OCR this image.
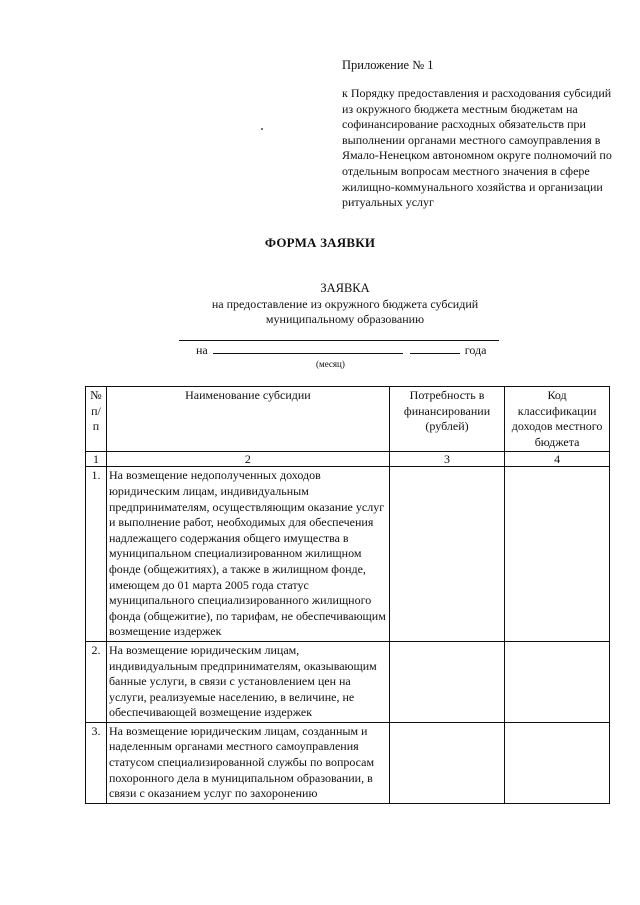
Приложение № 1
к Порядку предоставления и расходования субсидий из окружного бюджета местным бюджетам на софинансирование расходных обязательств при выполнении органами местного самоуправления в Ямало-Ненецком автономном округе полномочий по отдельным вопросам местного значения в сфере жилищно-коммунального хозяйства и организации ритуальных услуг
ФОРМА ЗАЯВКИ
ЗАЯВКА
на предоставление из окружного бюджета субсидий
муниципальному образованию
на	года
(месяц)
№ п/п	Наименование субсидии	Потребность в финансировании (рублей)	Код классификации доходов местного бюджета
1	2	3	4
1.	На возмещение недополученных доходов юридическим лицам, индивидуальным предпринимателям, осуществляющим оказание услуг и выполнение работ, необходимых для обеспечения надлежащего содержания общего имущества в муниципальном специализированном жилищном фонде (общежитиях), а также в жилищном фонде, имеющем до 01 марта 2005 года статус муниципального специализированного жилищного фонда (общежитие), по тарифам, не обеспечивающим возмещение издержек		
2.	На возмещение юридическим лицам, индивидуальным предпринимателям, оказывающим банные услуги, в связи с установлением цен на услуги, реализуемые населению, в величине, не обеспечивающей возмещение издержек		
3.	На возмещение юридическим лицам, созданным и наделенным органами местного самоуправления статусом специализированной службы по вопросам похоронного дела в муниципальном образовании, в связи с оказанием услуг по захоронению		
